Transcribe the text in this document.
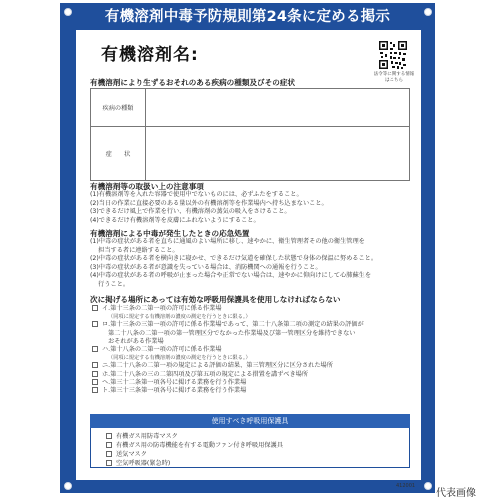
有機溶剤中毒予防規則第24条に定める掲示
有機溶剤名:
法令等に関する情報はこちら
有機溶剤により生ずるおそれのある疾病の種類及びその症状
疾病の種類	
症　　状	
有機溶剤等の取扱い上の注意事項
(1)有機溶剤等を入れた容器で使用中でないものには、必ずふたをすること。
(2)当日の作業に直接必要のある量以外の有機溶剤等を作業場内へ持ち込まないこと。
(3)できるだけ風上で作業を行い、有機溶剤の蒸気の吸入をさけること。
(4)できるだけ有機溶剤等を皮膚にふれないようにすること。
有機溶剤による中毒が発生したときの応急処置
(1)中毒の症状がある者を直ちに通風のよい場所に移し、速やかに、衛生管理者その他の衛生管理を
　 担当する者に連絡すること。
(2)中毒の症状がある者を横向きに寝かせ、できるだけ気道を確保した状態で身体の保温に努めること。
(3)中毒の症状がある者が意識を失っている場合は、消防機関への通報を行うこと。
(4)中毒の症状がある者の呼吸が止まった場合や正常でない場合は、速やかに仰向けにして心肺蘇生を
　 行うこと。
次に掲げる場所にあっては有効な呼吸用保護具を使用しなければならない
イ.第十三条の二第一項の許可に係る作業場
（同項に規定する有機溶剤の濃度の測定を行うときに限る。）
ロ.第十三条の三第一項の許可に係る作業場であって、第二十八条第二項の測定の結果の評価が
第二十八条の二第一項の第一管理区分でなかった作業場及び第一管理区分を維持できない
おそれがある作業場
ハ.第十八条の二第一項の許可に係る作業場
（同項に規定する有機溶剤の濃度の測定を行うときに限る。）
ニ.第二十八条の二第一項の規定による評価の結果、第三管理区分に区分された場所
ホ.第二十八条の三の二第四項及び第五項の規定による措置を講ずべき場所
ヘ.第三十二条第一項各号に掲げる業務を行う作業場
ト.第三十三条第一項各号に掲げる業務を行う作業場
使用すべき呼吸用保護具
有機ガス用防毒マスク
有機ガス用の防毒機能を有する電動ファン付き呼吸用保護具
送気マスク
空気呼吸器(緊急時)
412001
代表画像
